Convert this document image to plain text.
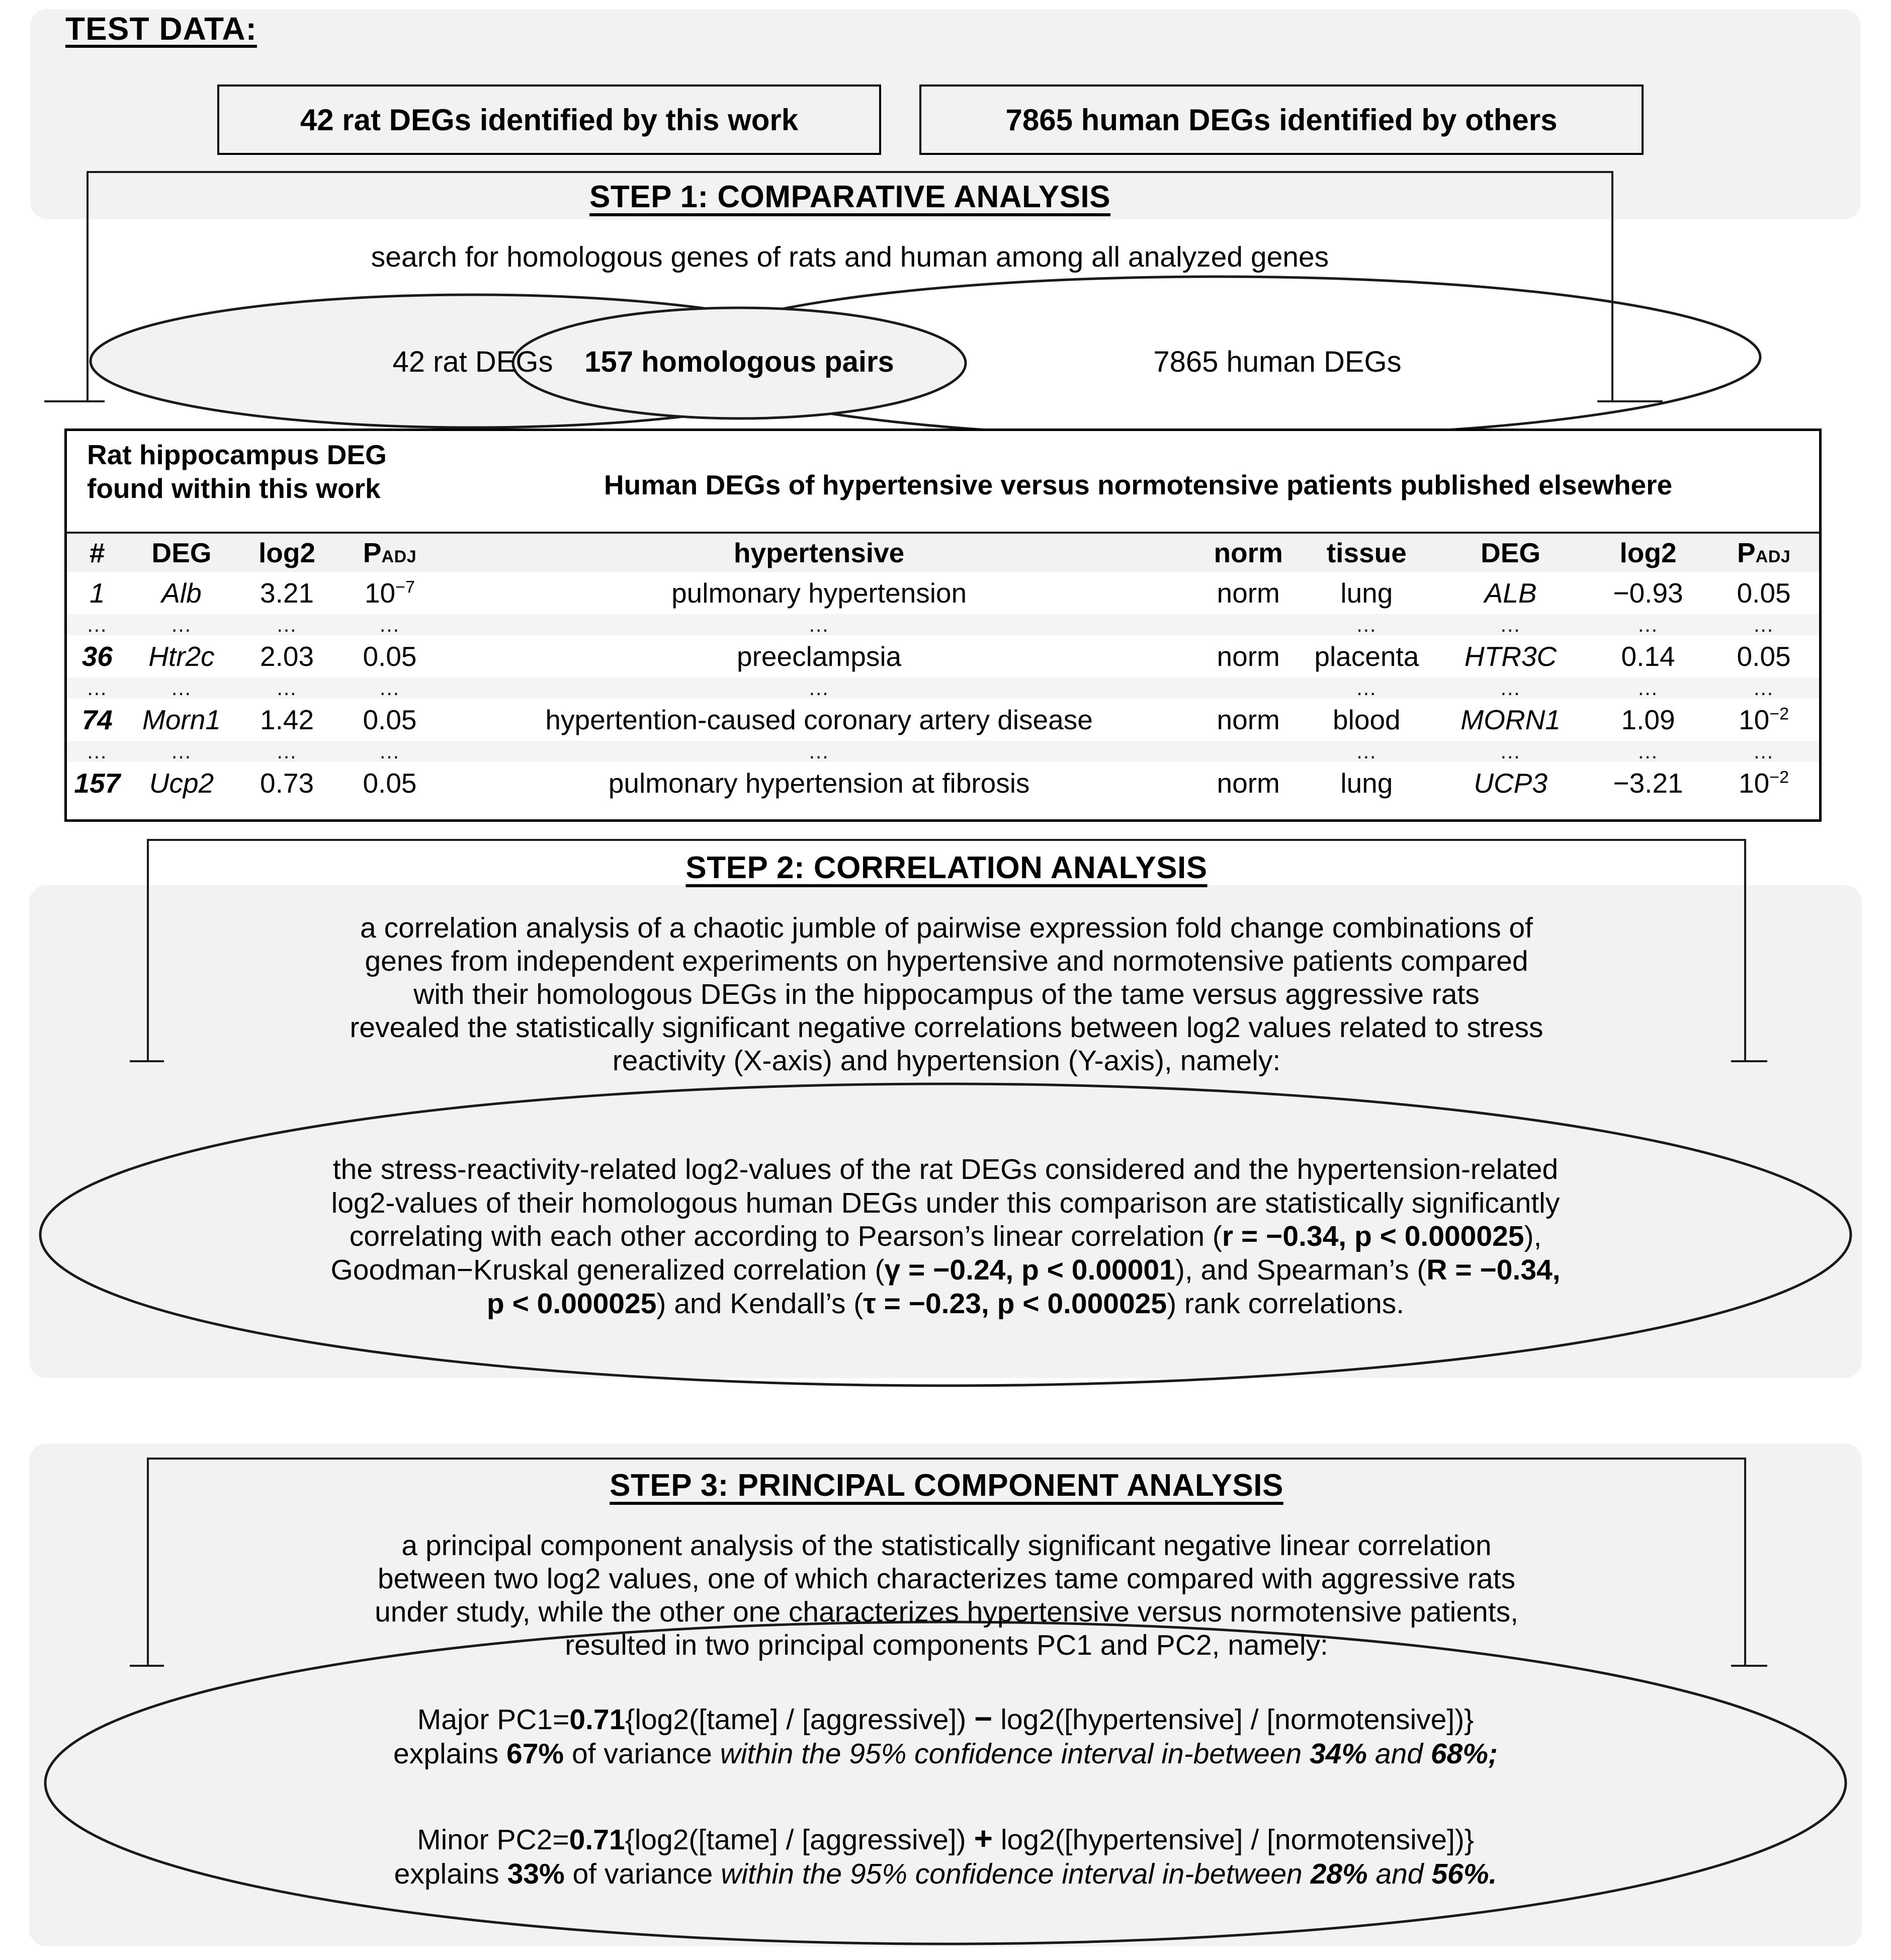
TEST DATA:
42 rat DEGs identified by this work	7865 human DEGs identified by others
STEP 1: COMPARATIVE ANALYSIS
search for homologous genes of rats and human among all analyzed genes
42 rat DEGs	157 homologous pairs	7865 human DEGs
Rat hippocampus DEG
found within this work	Human DEGs of hypertensive versus normotensive patients published elsewhere
#	DEG	log2	PADJ	hypertensive	norm	tissue	DEG	log2	PADJ
1	Alb	3.21	$10^{-7}$	pulmonary hypertension	norm	lung	ALB	−0.93	0.05
…	…	…	…	…		…	…	…	…
36	Htr2c	2.03	0.05	preeclampsia	norm	placenta	HTR3C	0.14	0.05
…	…	…	…	…		…	…	…	…
74	Morn1	1.42	0.05	hypertention-caused coronary artery disease	norm	blood	MORN1	1.09	$10^{-2}$
…	…	…	…	…		…	…	…	…
157	Ucp2	0.73	0.05	pulmonary hypertension at fibrosis	norm	lung	UCP3	−3.21	$10^{-2}$
STEP 2: CORRELATION ANALYSIS
a correlation analysis of a chaotic jumble of pairwise expression fold change combinations of
genes from independent experiments on hypertensive and normotensive patients compared
with their homologous DEGs in the hippocampus of the tame versus aggressive rats
revealed the statistically significant negative correlations between log2 values related to stress
reactivity (X-axis) and hypertension (Y-axis), namely:
the stress-reactivity-related log2-values of the rat DEGs considered and the hypertension-related
log2-values of their homologous human DEGs under this comparison are statistically significantly
correlating with each other according to Pearson’s linear correlation (r = −0.34, p < 0.000025),
Goodman−Kruskal generalized correlation (γ = −0.24, p < 0.00001), and Spearman’s (R = −0.34,
p < 0.000025) and Kendall’s (τ = −0.23, p < 0.000025) rank correlations.
STEP 3: PRINCIPAL COMPONENT ANALYSIS
a principal component analysis of the statistically significant negative linear correlation
between two log2 values, one of which characterizes tame compared with aggressive rats
under study, while the other one characterizes hypertensive versus normotensive patients,
resulted in two principal components PC1 and PC2, namely:
Major PC1=0.71{log2([tame] / [aggressive]) − log2([hypertensive] / [normotensive])}
explains 67% of variance within the 95% confidence interval in-between 34% and 68%;
Minor PC2=0.71{log2([tame] / [aggressive]) + log2([hypertensive] / [normotensive])}
explains 33% of variance within the 95% confidence interval in-between 28% and 56%.
